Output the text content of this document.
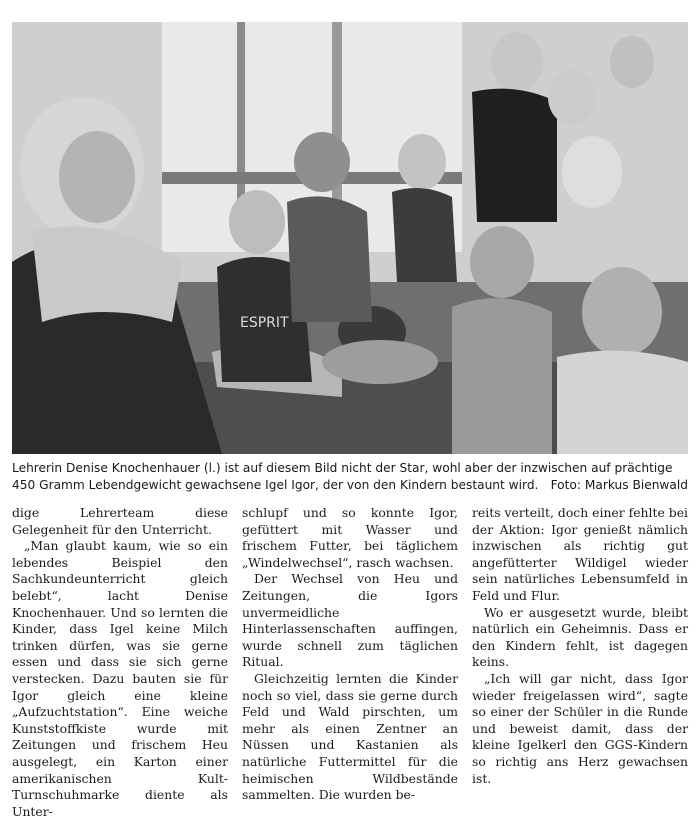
ESPRIT
Lehrerin Denise Knochenhauer (l.) ist auf diesem Bild nicht der Star, wohl aber der inzwischen auf prächtige 450 Gramm Lebendgewicht gewachsene Igel Igor, der von den Kindern bestaunt wird. Foto: Markus Bienwald

dige Lehrerteam diese Gelegenheit für den Unterricht.

„Man glaubt kaum, wie so ein lebendes Beispiel den Sachkundeunterricht gleich belebt“, lacht Denise Knochenhauer. Und so lernten die Kinder, dass Igel keine Milch trinken dürfen, was sie gerne essen und dass sie sich gerne verstecken. Dazu bauten sie für Igor gleich eine kleine „Aufzuchtstation“. Eine weiche Kunststoffkiste wurde mit Zeitungen und frischem Heu ausgelegt, ein Karton einer amerikanischen Kult-Turnschuhmarke diente als Unter-

schlupf und so konnte Igor, gefüttert mit Wasser und frischem Futter, bei täglichem „Windelwechsel“, rasch wachsen.

Der Wechsel von Heu und Zeitungen, die Igors unvermeidliche Hinterlassenschaften auffingen, wurde schnell zum täglichen Ritual.

Gleichzeitig lernten die Kinder noch so viel, dass sie gerne durch Feld und Wald pirschten, um mehr als einen Zentner an Nüssen und Kastanien als natürliche Futtermittel für die heimischen Wildbestände sammelten. Die wurden be-

reits verteilt, doch einer fehlte bei der Aktion: Igor genießt nämlich inzwischen als richtig gut angefütterter Wildigel wieder sein natürliches Lebensumfeld in Feld und Flur.

Wo er ausgesetzt wurde, bleibt natürlich ein Geheimnis. Dass er den Kindern fehlt, ist dagegen keins.

„Ich will gar nicht, dass Igor wieder freigelassen wird“, sagte so einer der Schüler in die Runde und beweist damit, dass der kleine Igelkerl den GGS-Kindern so richtig ans Herz gewachsen ist.
